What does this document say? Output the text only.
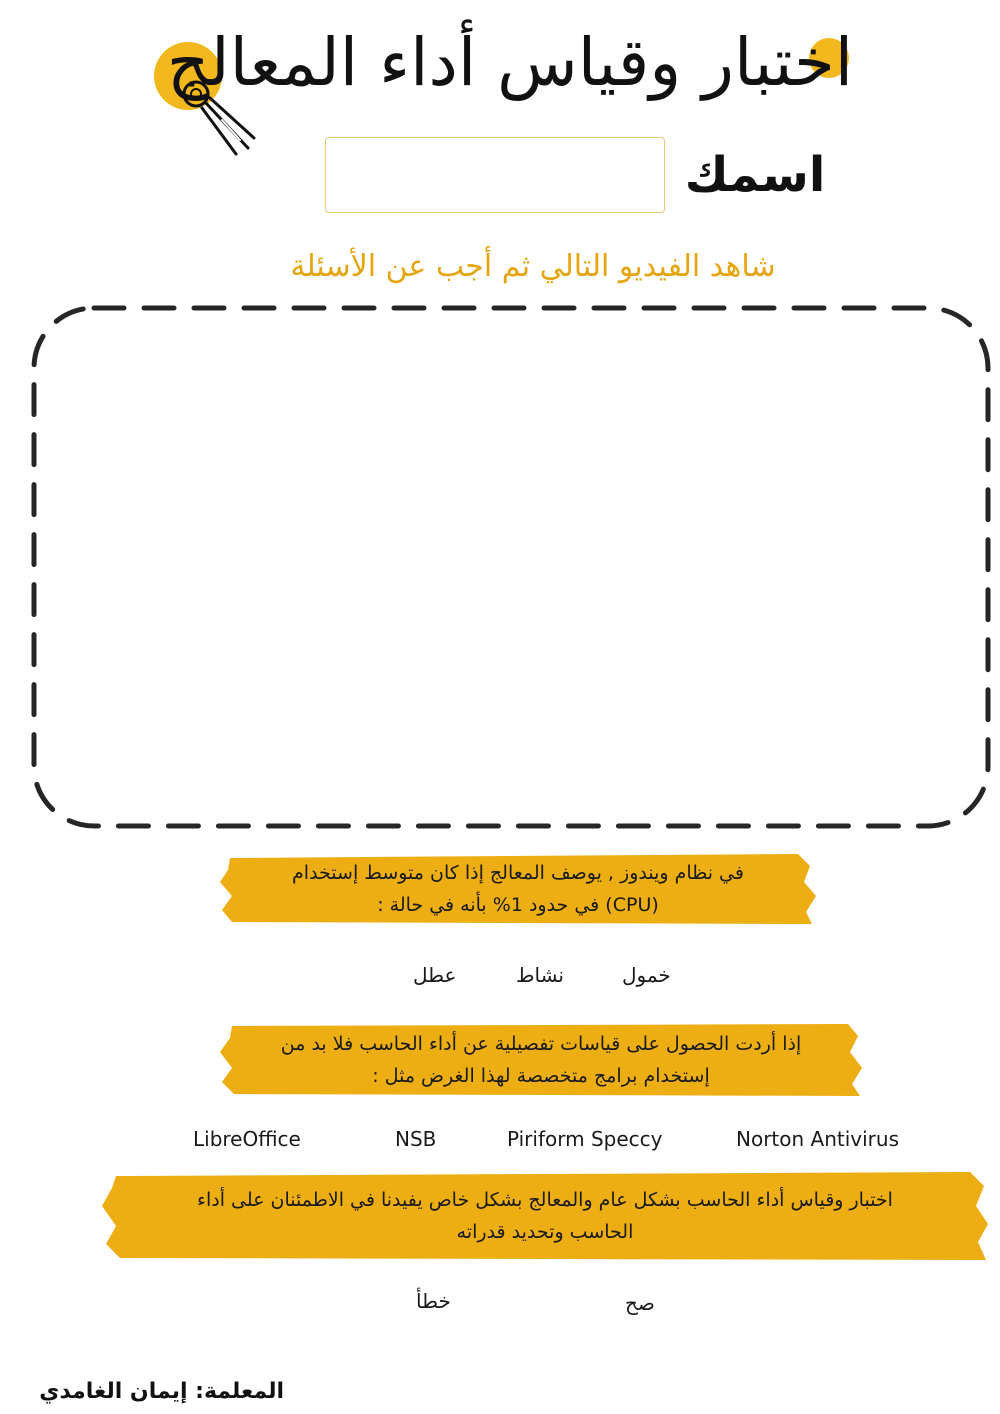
اختبار وقياس أداء المعالج
اسمك
شاهد الفيديو التالي ثم أجب عن الأسئلة
في نظام ويندوز , يوصف المعالج إذا كان متوسط إستخدام
(CPU) في حدود 1% بأنه في حالة :
خمول
نشاط
عطل
إذا أردت الحصول على قياسات تفصيلية عن أداء الحاسب فلا بد من
إستخدام برامج متخصصة لهذا الغرض مثل :
Norton Antivirus
Piriform Speccy
NSB
LibreOffice
اختبار وقياس أداء الحاسب بشكل عام والمعالج بشكل خاص يفيدنا في الاطمئنان على أداء
الحاسب وتحديد قدراته
صح
خطأ
المعلمة: إيمان الغامدي
